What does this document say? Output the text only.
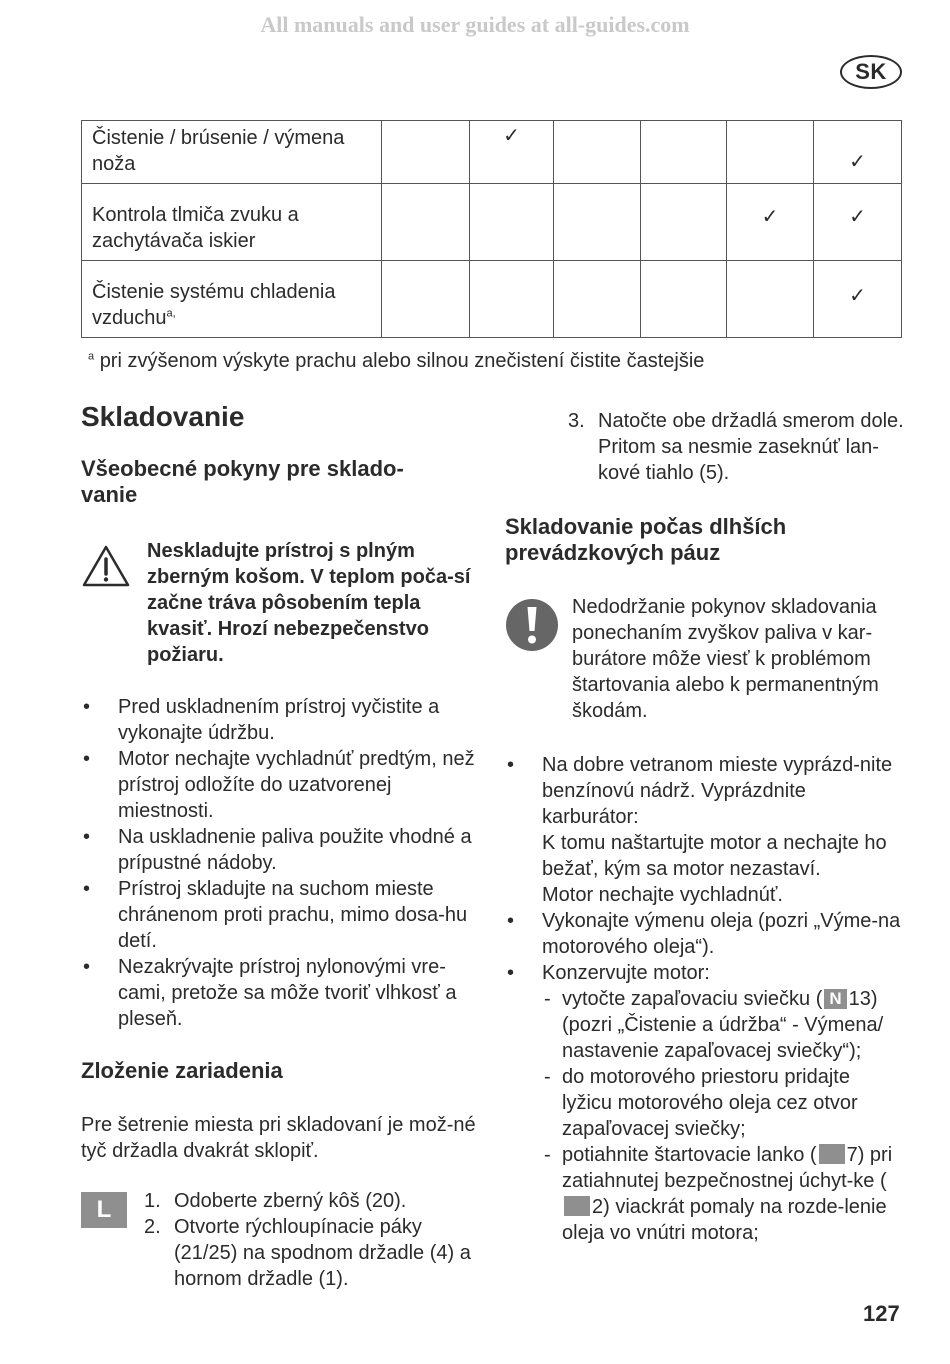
All manuals and user guides at all-guides.com
SK
Čistenie / brúsenie / výmena noža		✓				✓
Kontrola tlmiča zvuku a zachytávača iskier					✓	✓
Čistenie systému chladenia vzduchu$^{a,}$						✓
$^a$ pri zvýšenom výskyte prachu alebo silnou znečistení čistite častejšie
Skladovanie
Všeobecné pokyny pre sklado-
vanie
Neskladujte prístroj s plným zberným košom. V teplom poča-sí začne tráva pôsobením tepla kvasiť. Hrozí nebezpečenstvo požiaru.
• Pred uskladnením prístroj vyčistite a vykonajte údržbu.
• Motor nechajte vychladnúť predtým, než prístroj odložíte do uzatvorenej miestnosti.
• Na uskladnenie paliva použite vhodné a prípustné nádoby.
• Prístroj skladujte na suchom mieste chránenom proti prachu, mimo dosa-hu detí.
• Nezakrývajte prístroj nylonovými vre-cami, pretože sa môže tvoriť vlhkosť a pleseň.
Zloženie zariadenia

Pre šetrenie miesta pri skladovaní je mož-né tyč držadla dvakrát sklopiť.

L	1. Odoberte zberný kôš (20).
2. Otvorte rýchloupínacie páky (21/25) na spodnom držadle (4) a hornom držadle (1).
3. Natočte obe držadlá smerom dole.
Pritom sa nesmie zaseknúť lan-kové tiahlo (5).
Skladovanie počas dlhších
prevádzkových páuz
Nedodržanie pokynov skladovania ponechaním zvyškov paliva v kar-burátore môže viesť k problémom štartovania alebo k permanentným škodám.
• Na dobre vetranom mieste vyprázd-nite benzínovú nádrž. Vyprázdnite karburátor:
K tomu naštartujte motor a nechajte ho bežať, kým sa motor nezastaví.
Motor nechajte vychladnúť.
• Vykonajte výmenu oleja (pozri „Výme-na motorového oleja“).
• Konzervujte motor:
- vytočte zapaľovaciu sviečku ( N 13) (pozri „Čistenie a údržba“ - Výmena/ nastavenie zapaľovacej sviečky“);
- do motorového priestoru pridajte lyžicu motorového oleja cez otvor zapaľovacej sviečky;
- potiahnite štartovacie lanko ( 7) pri zatiahnutej bezpečnostnej úchyt-ke (2) viackrát pomaly na rozde-lenie oleja vo vnútri motora;
127
